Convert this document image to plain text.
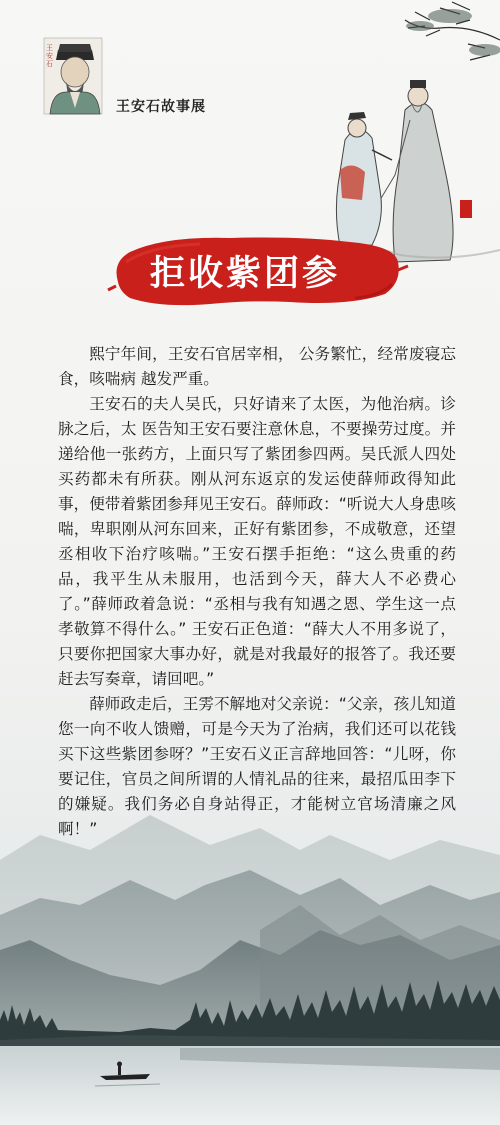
王安石
王安石故事展
拒收紫团参

熙宁年间，王安石官居宰相， 公务繁忙，经常废寝忘食，咳喘病 越发严重。

王安石的夫人吴氏，只好请来了太医，为他治病。诊脉之后，太 医告知王安石要注意休息，不要操劳过度。并递给他一张药方，上面只写了紫团参四两。吴氏派人四处买药都未有所获。刚从河东返京的发运使薛师政得知此事，便带着紫团参拜见王安石。薛师政：“听说大人身患咳喘，卑职刚从河东回来，正好有紫团参，不成敬意，还望丞相收下治疗咳喘。”王安石摆手拒绝：“这么贵重的药品，我平生从未服用，也活到今天，薛大人不必费心了。”薛师政着急说：“丞相与我有知遇之恩、学生这一点孝敬算不得什么。” 王安石正色道：“薛大人不用多说了，只要你把国家大事办好，就是对我最好的报答了。我还要赶去写奏章，请回吧。”

薛师政走后，王雱不解地对父亲说：“父亲，孩儿知道您一向不收人馈赠，可是今天为了治病，我们还可以花钱买下这些紫团参呀？”王安石义正言辞地回答：“儿呀，你要记住，官员之间所谓的人情礼品的往来，最招瓜田李下的嫌疑。我们务必自身站得正，才能树立官场清廉之风啊！”
